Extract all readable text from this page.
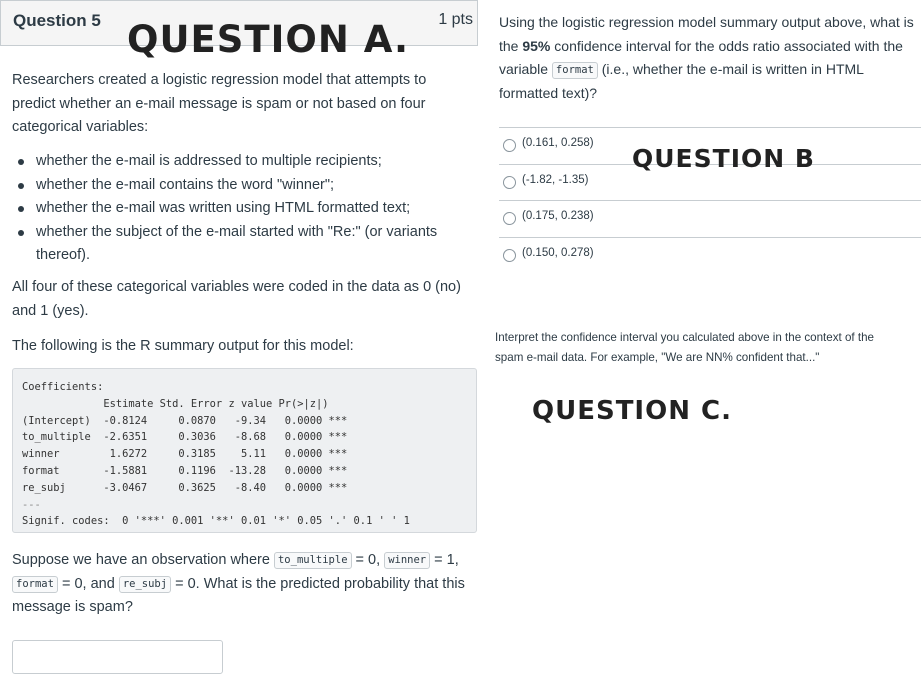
Question 5	1 pts
Researchers created a logistic regression model that attempts to predict whether an e-mail message is spam or not based on four categorical variables:
whether the e-mail is addressed to multiple recipients;
whether the e-mail contains the word "winner";
whether the e-mail was written using HTML formatted text;
whether the subject of the e-mail started with "Re:" (or variants thereof).
All four of these categorical variables were coded in the data as 0 (no) and 1 (yes).
The following is the R summary output for this model:
Coefficients:
Estimate Std. Error z value Pr(>|z|)
(Intercept)  -0.8124     0.0870   -9.34   0.0000 ***
to_multiple  -2.6351     0.3036   -8.68   0.0000 ***
winner        1.6272     0.3185    5.11   0.0000 ***
format       -1.5881     0.1196  -13.28   0.0000 ***
re_subj      -3.0467     0.3625   -8.40   0.0000 ***
---
Signif. codes:  0 '***' 0.001 '**' 0.01 '*' 0.05 '.' 0.1 ' ' 1
Suppose we have an observation where to_multiple = 0, winner = 1, format = 0, and re_subj = 0. What is the predicted probability that this message is spam?
Using the logistic regression model summary output above, what is the 95% confidence interval for the odds ratio associated with the variable format (i.e., whether the e-mail is written in HTML formatted text)?
(0.161, 0.258)
(-1.82, -1.35)
(0.175, 0.238)
(0.150, 0.278)
Interpret the confidence interval you calculated above in the context of the spam e-mail data. For example, "We are NN% confident that..."
QUESTION A.
QUESTION B
QUESTION C.
